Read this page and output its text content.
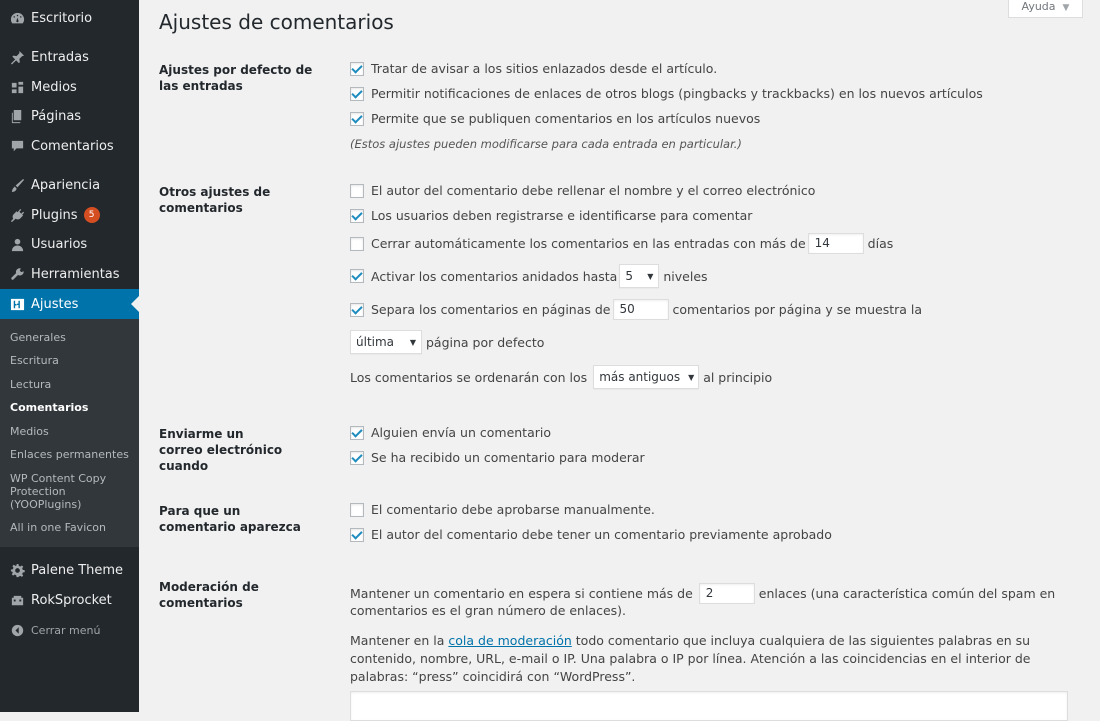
Escritorio
Entradas
Medios
Páginas
Comentarios
Apariencia
Plugins	5
Usuarios
Herramientas
Ajustes
Generales
Escritura
Lectura
Comentarios
Medios
Enlaces permanentes
WP Content Copy Protection (YOOPlugins)
All in one Favicon
Palene Theme
RokSprocket
Cerrar menú
Ajustes de comentarios
Ayuda ▼
Ajustes por defecto de las entradas
Tratar de avisar a los sitios enlazados desde el artículo.
Permitir notificaciones de enlaces de otros blogs (pingbacks y trackbacks) en los nuevos artículos
Permite que se publiquen comentarios en los artículos nuevos
(Estos ajustes pueden modificarse para cada entrada en particular.)
Otros ajustes de comentarios
El autor del comentario debe rellenar el nombre y el correo electrónico
Los usuarios deben registrarse e identificarse para comentar
Cerrar automáticamente los comentarios en las entradas con más de 14	días
Activar los comentarios anidados hasta 5 ▼ niveles
Separa los comentarios en páginas de 50	comentarios por página y se muestra la
última ▼ página por defecto
Los comentarios se ordenarán con los más antiguos ▼ al principio
Enviarme un correo electrónico cuando
Alguien envía un comentario
Se ha recibido un comentario para moderar
Para que un comentario aparezca
El comentario debe aprobarse manualmente.
El autor del comentario debe tener un comentario previamente aprobado
Moderación de comentarios
Mantener un comentario en espera si contiene más de	2	enlaces (una característica común del spam en
comentarios es el gran número de enlaces).
Mantener en la cola de moderación todo comentario que incluya cualquiera de las siguientes palabras en su contenido, nombre, URL, e-mail o IP. Una palabra o IP por línea. Atención a las coincidencias en el interior de palabras: “press” coincidirá con “WordPress”.
